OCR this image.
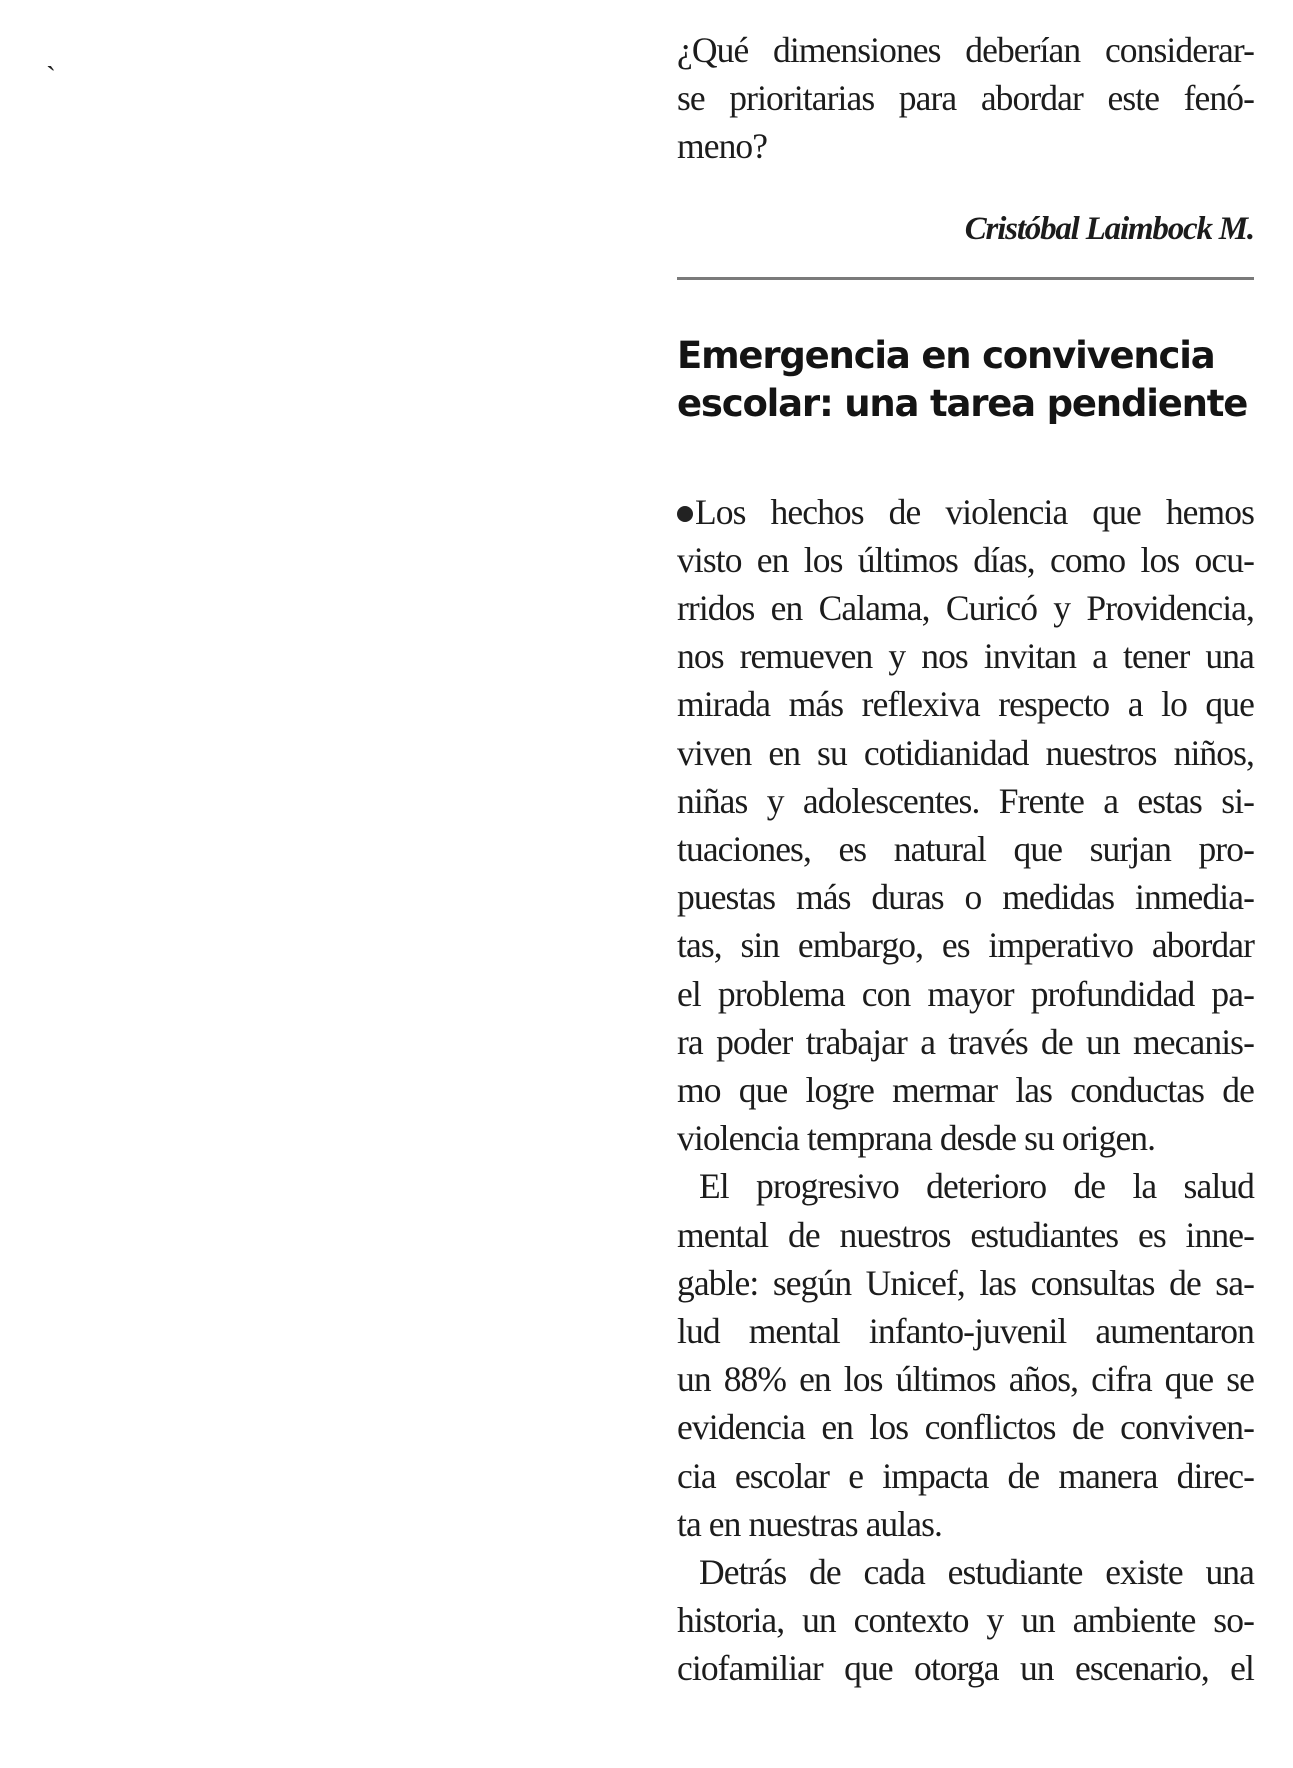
ˏ	¿Qué dimensiones deberían considerar-
se prioritarias para abordar este fenó-
meno?
Cristóbal Laimbock M.
Emergencia en convivencia
escolar: una tarea pendiente
Los hechos de violencia que hemos
visto en los últimos días, como los ocu-
rridos en Calama, Curicó y Providencia,
nos remueven y nos invitan a tener una
mirada más reflexiva respecto a lo que
viven en su cotidianidad nuestros niños,
niñas y adolescentes. Frente a estas si-
tuaciones, es natural que surjan pro-
puestas más duras o medidas inmedia-
tas, sin embargo, es imperativo abordar
el problema con mayor profundidad pa-
ra poder trabajar a través de un mecanis-
mo que logre mermar las conductas de
violencia temprana desde su origen.
El progresivo deterioro de la salud
mental de nuestros estudiantes es inne-
gable: según Unicef, las consultas de sa-
lud mental infanto-juvenil aumentaron
un 88% en los últimos años, cifra que se
evidencia en los conflictos de conviven-
cia escolar e impacta de manera direc-
ta en nuestras aulas.
Detrás de cada estudiante existe una
historia, un contexto y un ambiente so-
ciofamiliar que otorga un escenario, el
